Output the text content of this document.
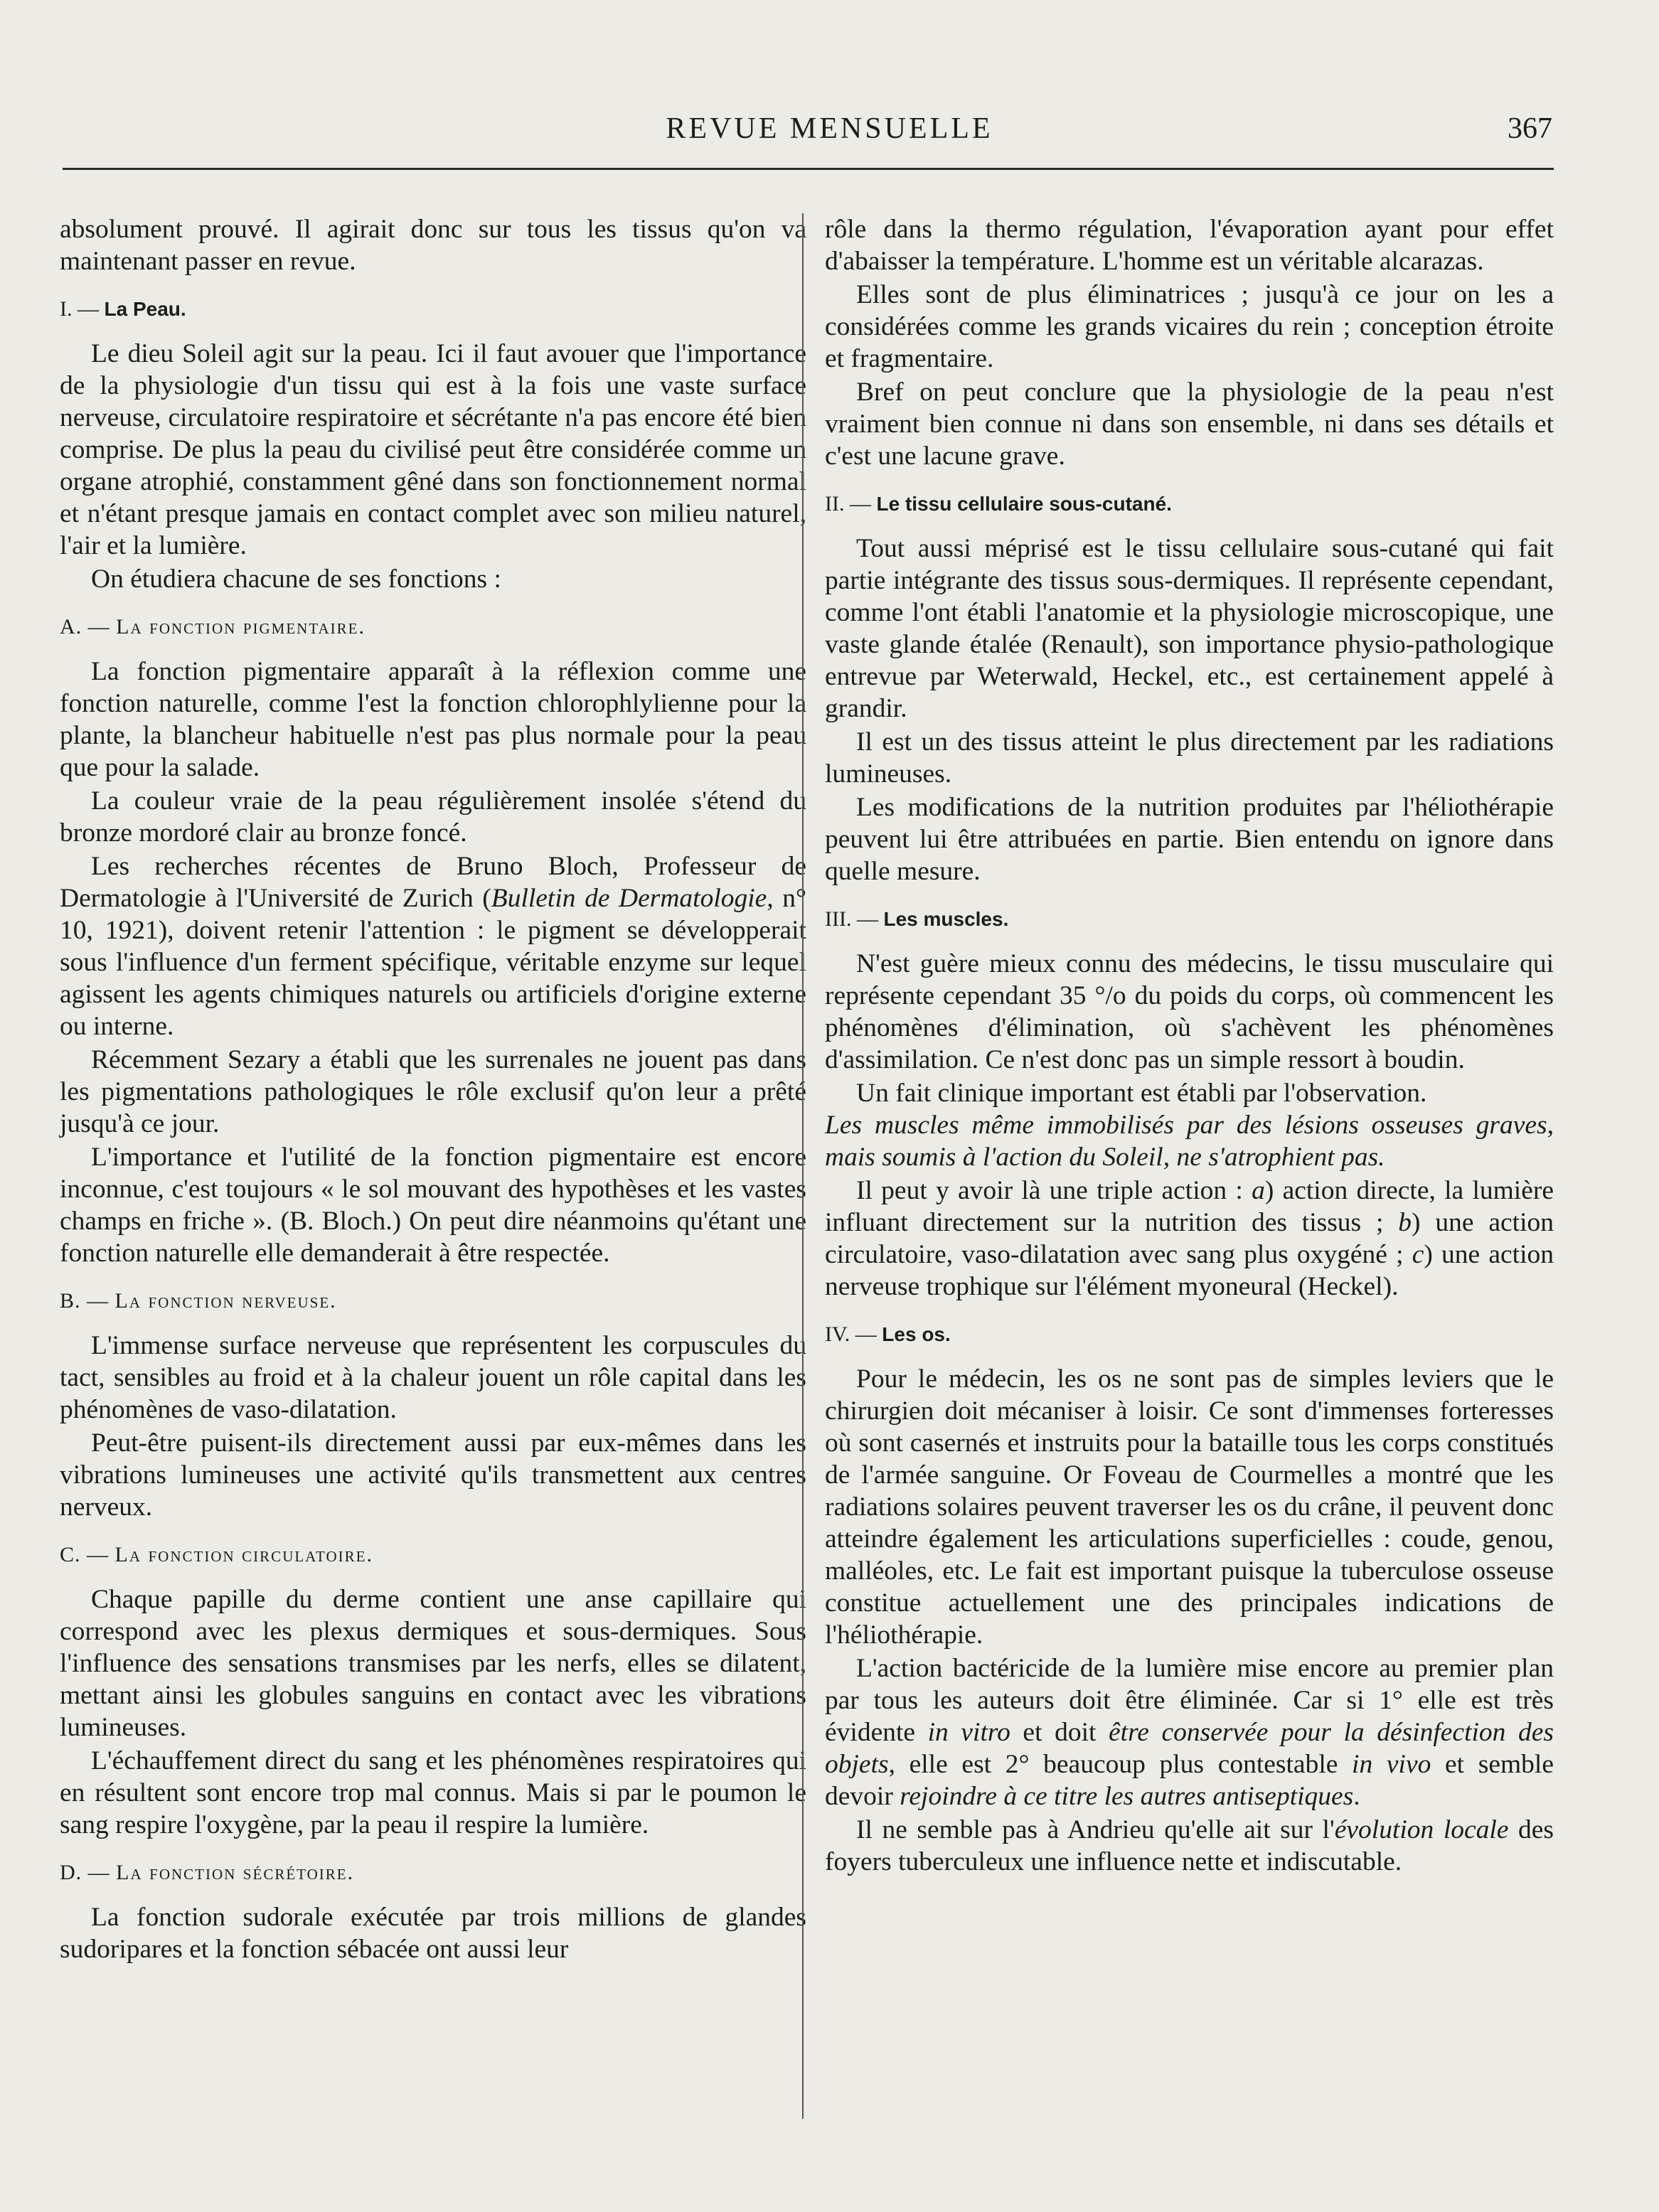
REVUE MENSUELLE	367

absolument prouvé. Il agirait donc sur tous les tissus qu'on va maintenant passer en revue.

I. — La Peau.

Le dieu Soleil agit sur la peau. Ici il faut avouer que l'importance de la physiologie d'un tissu qui est à la fois une vaste surface nerveuse, circulatoire respiratoire et sécrétante n'a pas encore été bien comprise. De plus la peau du civilisé peut être considérée comme un organe atrophié, constamment gêné dans son fonctionnement normal et n'étant presque jamais en contact complet avec son milieu naturel, l'air et la lumière.

On étudiera chacune de ses fonctions :

A. — La fonction pigmentaire.

La fonction pigmentaire apparaît à la réflexion comme une fonction naturelle, comme l'est la fonction chlorophlylienne pour la plante, la blancheur habituelle n'est pas plus normale pour la peau que pour la salade.

La couleur vraie de la peau régulièrement insolée s'étend du bronze mordoré clair au bronze foncé.

Les recherches récentes de Bruno Bloch, Professeur de Dermatologie à l'Université de Zurich (Bulletin de Dermatologie, n° 10, 1921), doivent retenir l'attention : le pigment se développerait sous l'influence d'un ferment spécifique, véritable enzyme sur lequel agissent les agents chimiques naturels ou artificiels d'origine externe ou interne.

Récemment Sezary a établi que les surrenales ne jouent pas dans les pigmentations pathologiques le rôle exclusif qu'on leur a prêté jusqu'à ce jour.

L'importance et l'utilité de la fonction pigmentaire est encore inconnue, c'est toujours « le sol mouvant des hypothèses et les vastes champs en friche ». (B. Bloch.) On peut dire néanmoins qu'étant une fonction naturelle elle demanderait à être respectée.

B. — La fonction nerveuse.

L'immense surface nerveuse que représentent les corpuscules du tact, sensibles au froid et à la chaleur jouent un rôle capital dans les phénomènes de vaso-dilatation.

Peut-être puisent-ils directement aussi par eux-mêmes dans les vibrations lumineuses une activité qu'ils transmettent aux centres nerveux.

C. — La fonction circulatoire.

Chaque papille du derme contient une anse capillaire qui correspond avec les plexus dermiques et sous-dermiques. Sous l'influence des sensations transmises par les nerfs, elles se dilatent, mettant ainsi les globules sanguins en contact avec les vibrations lumineuses.

L'échauffement direct du sang et les phénomènes respiratoires qui en résultent sont encore trop mal connus. Mais si par le poumon le sang respire l'oxygène, par la peau il respire la lumière.

D. — La fonction sécrétoire.

La fonction sudorale exécutée par trois millions de glandes sudoripares et la fonction sébacée ont aussi leur

rôle dans la thermo régulation, l'évaporation ayant pour effet d'abaisser la température. L'homme est un véritable alcarazas.

Elles sont de plus éliminatrices ; jusqu'à ce jour on les a considérées comme les grands vicaires du rein ; conception étroite et fragmentaire.

Bref on peut conclure que la physiologie de la peau n'est vraiment bien connue ni dans son ensemble, ni dans ses détails et c'est une lacune grave.

II. — Le tissu cellulaire sous-cutané.

Tout aussi méprisé est le tissu cellulaire sous-cutané qui fait partie intégrante des tissus sous-dermiques. Il représente cependant, comme l'ont établi l'anatomie et la physiologie microscopique, une vaste glande étalée (Renault), son importance physio-pathologique entrevue par Weterwald, Heckel, etc., est certainement appelé à grandir.

Il est un des tissus atteint le plus directement par les radiations lumineuses.

Les modifications de la nutrition produites par l'héliothérapie peuvent lui être attribuées en partie. Bien entendu on ignore dans quelle mesure.

III. — Les muscles.

N'est guère mieux connu des médecins, le tissu musculaire qui représente cependant 35 °/o du poids du corps, où commencent les phénomènes d'élimination, où s'achèvent les phénomènes d'assimilation. Ce n'est donc pas un simple ressort à boudin.

Un fait clinique important est établi par l'observation.

Les muscles même immobilisés par des lésions osseuses graves, mais soumis à l'action du Soleil, ne s'atrophient pas.

Il peut y avoir là une triple action : a) action directe, la lumière influant directement sur la nutrition des tissus ; b) une action circulatoire, vaso-dilatation avec sang plus oxygéné ; c) une action nerveuse trophique sur l'élément myoneural (Heckel).

IV. — Les os.

Pour le médecin, les os ne sont pas de simples leviers que le chirurgien doit mécaniser à loisir. Ce sont d'immenses forteresses où sont casernés et instruits pour la bataille tous les corps constitués de l'armée sanguine. Or Foveau de Courmelles a montré que les radiations solaires peuvent traverser les os du crâne, il peuvent donc atteindre également les articulations superficielles : coude, genou, malléoles, etc. Le fait est important puisque la tuberculose osseuse constitue actuellement une des principales indications de l'héliothérapie.

L'action bactéricide de la lumière mise encore au premier plan par tous les auteurs doit être éliminée. Car si 1° elle est très évidente in vitro et doit être conservée pour la désinfection des objets, elle est 2° beaucoup plus contestable in vivo et semble devoir rejoindre à ce titre les autres antiseptiques.

Il ne semble pas à Andrieu qu'elle ait sur l'évolution locale des foyers tuberculeux une influence nette et indiscutable.
